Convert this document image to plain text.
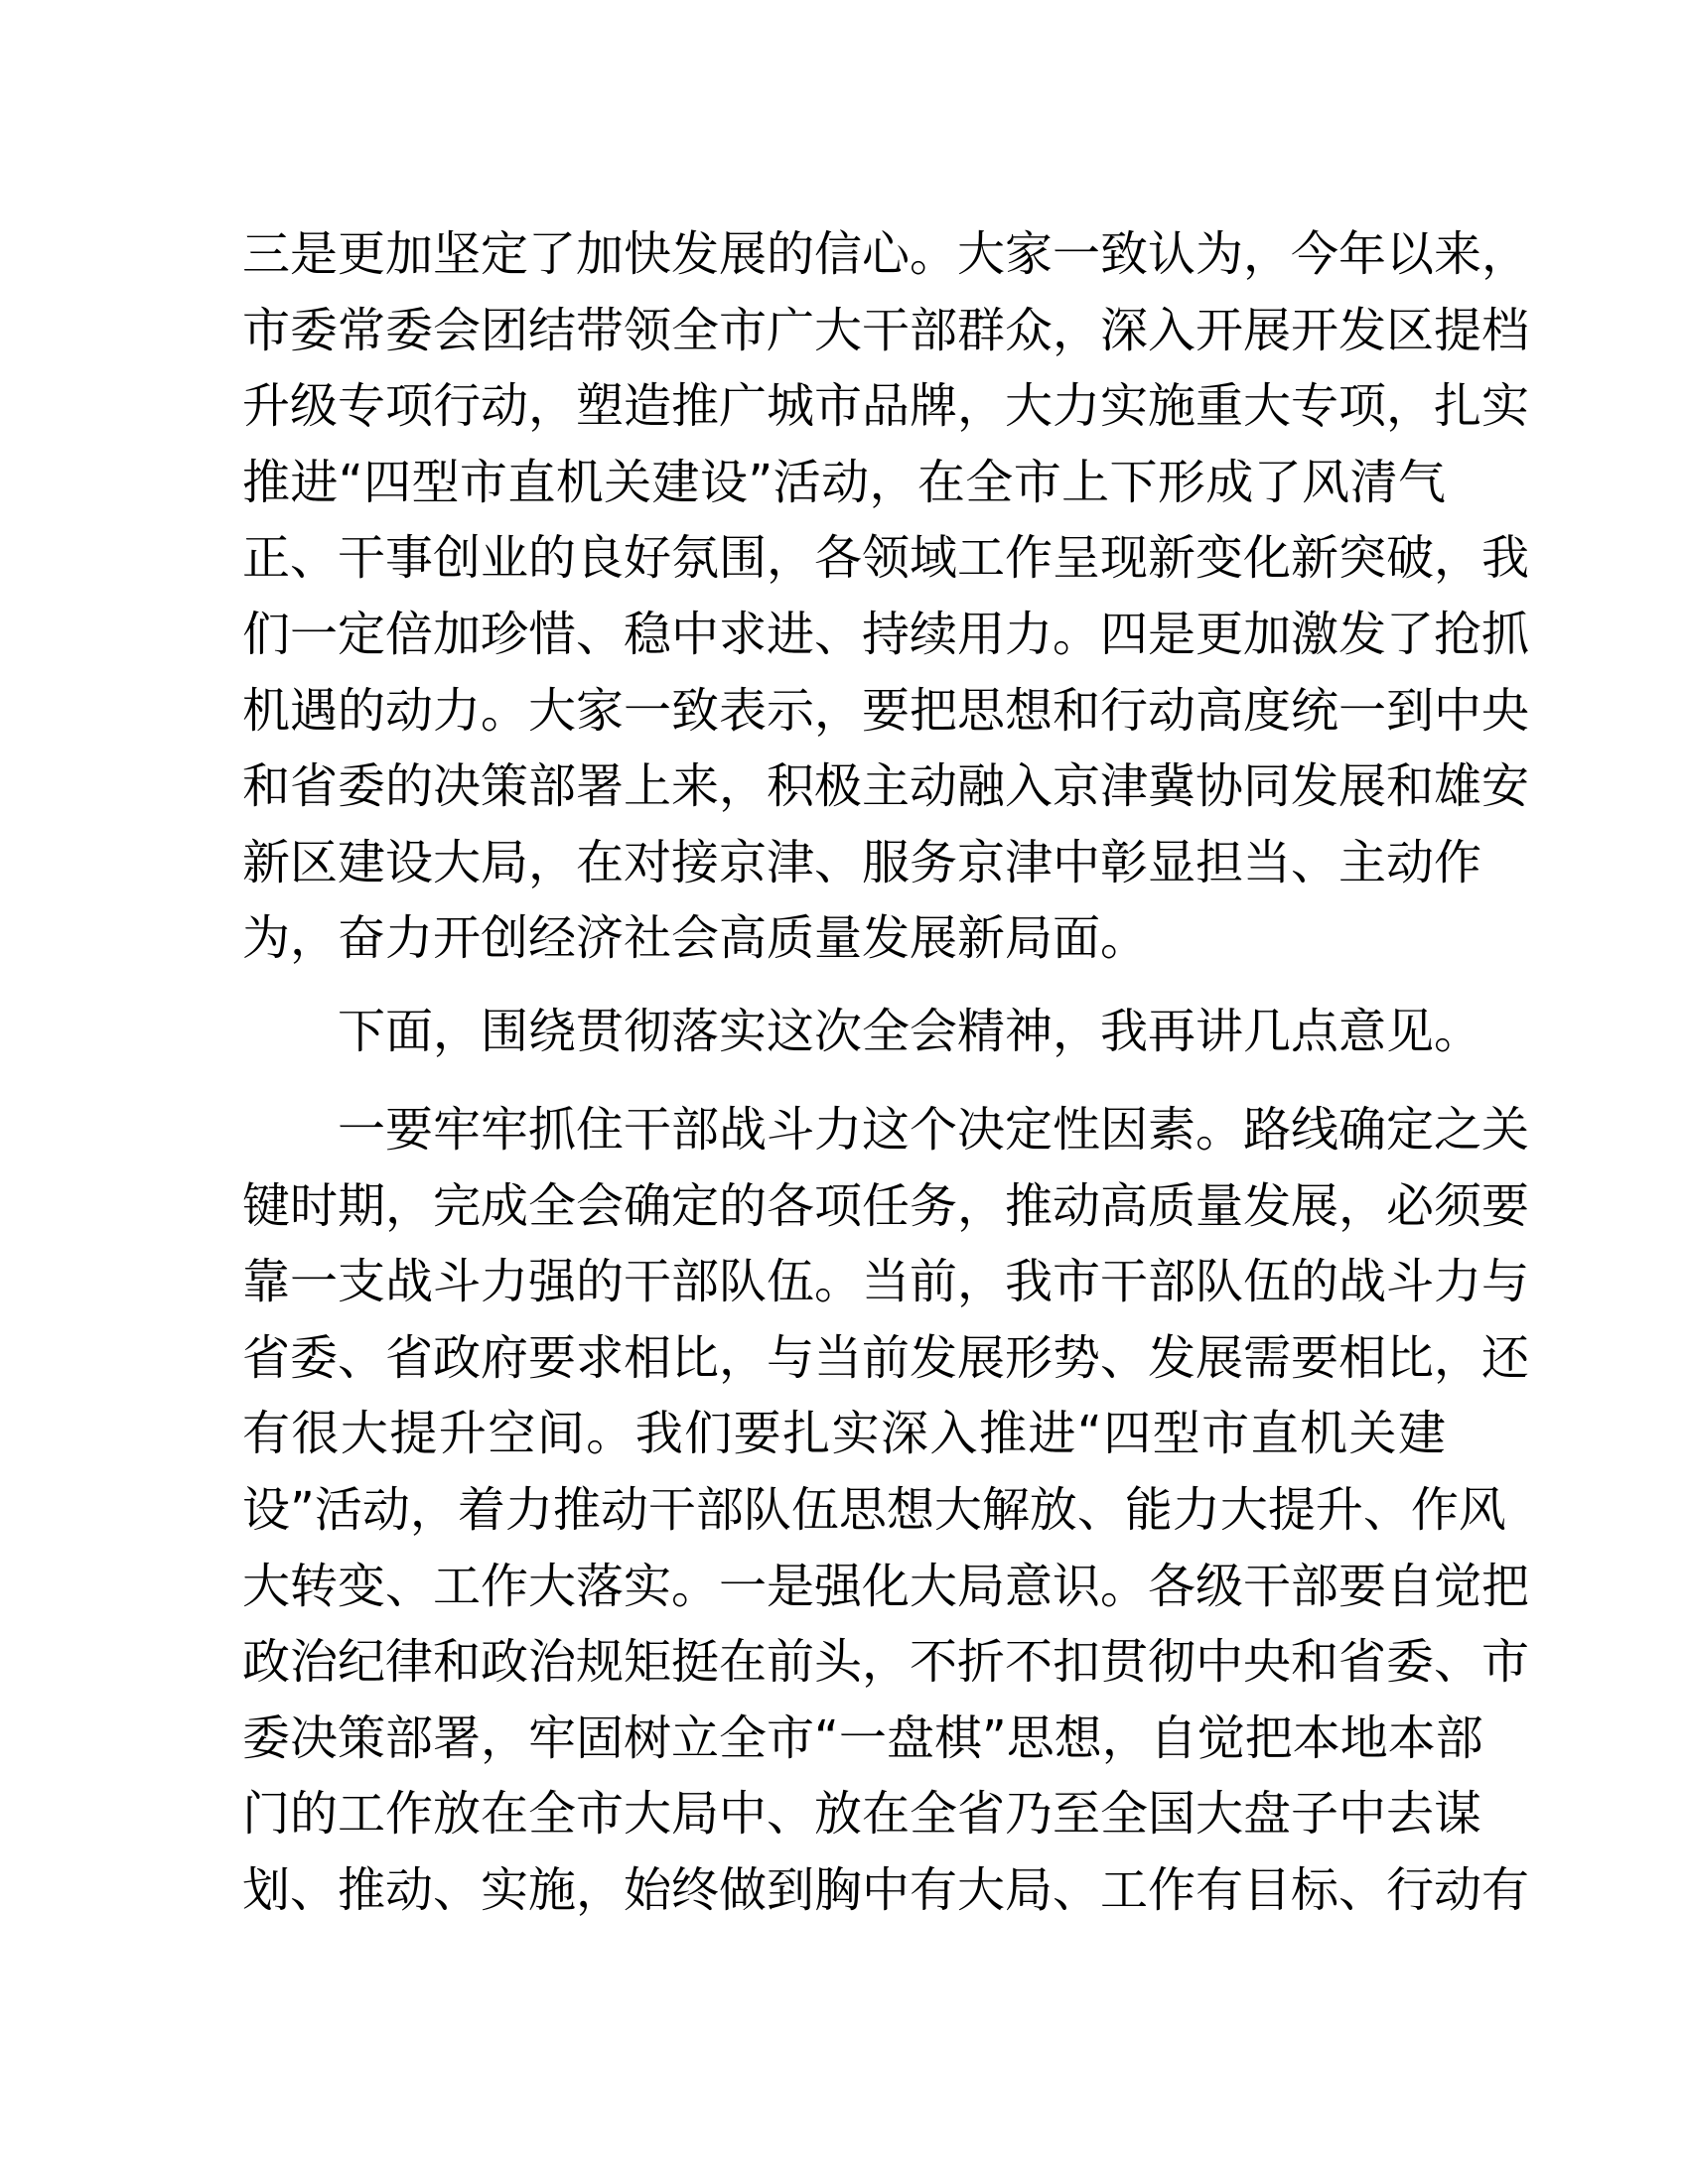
三是更加坚定了加快发展的信心。大家一致认为，今年以来，
市委常委会团结带领全市广大干部群众，深入开展开发区提档
升级专项行动，塑造推广城市品牌，大力实施重大专项，扎实
推进“四型市直机关建设”活动，在全市上下形成了风清气
正、干事创业的良好氛围，各领域工作呈现新变化新突破，我
们一定倍加珍惜、稳中求进、持续用力。四是更加激发了抢抓
机遇的动力。大家一致表示，要把思想和行动高度统一到中央
和省委的决策部署上来，积极主动融入京津冀协同发展和雄安
新区建设大局，在对接京津、服务京津中彰显担当、主动作
为，奋力开创经济社会高质量发展新局面。
下面，围绕贯彻落实这次全会精神，我再讲几点意见。
一要牢牢抓住干部战斗力这个决定性因素。路线确定之关
键时期，完成全会确定的各项任务，推动高质量发展，必须要
靠一支战斗力强的干部队伍。当前，我市干部队伍的战斗力与
省委、省政府要求相比，与当前发展形势、发展需要相比，还
有很大提升空间。我们要扎实深入推进“四型市直机关建
设”活动，着力推动干部队伍思想大解放、能力大提升、作风
大转变、工作大落实。一是强化大局意识。各级干部要自觉把
政治纪律和政治规矩挺在前头，不折不扣贯彻中央和省委、市
委决策部署，牢固树立全市“一盘棋”思想，自觉把本地本部
门的工作放在全市大局中、放在全省乃至全国大盘子中去谋
划、推动、实施，始终做到胸中有大局、工作有目标、行动有
